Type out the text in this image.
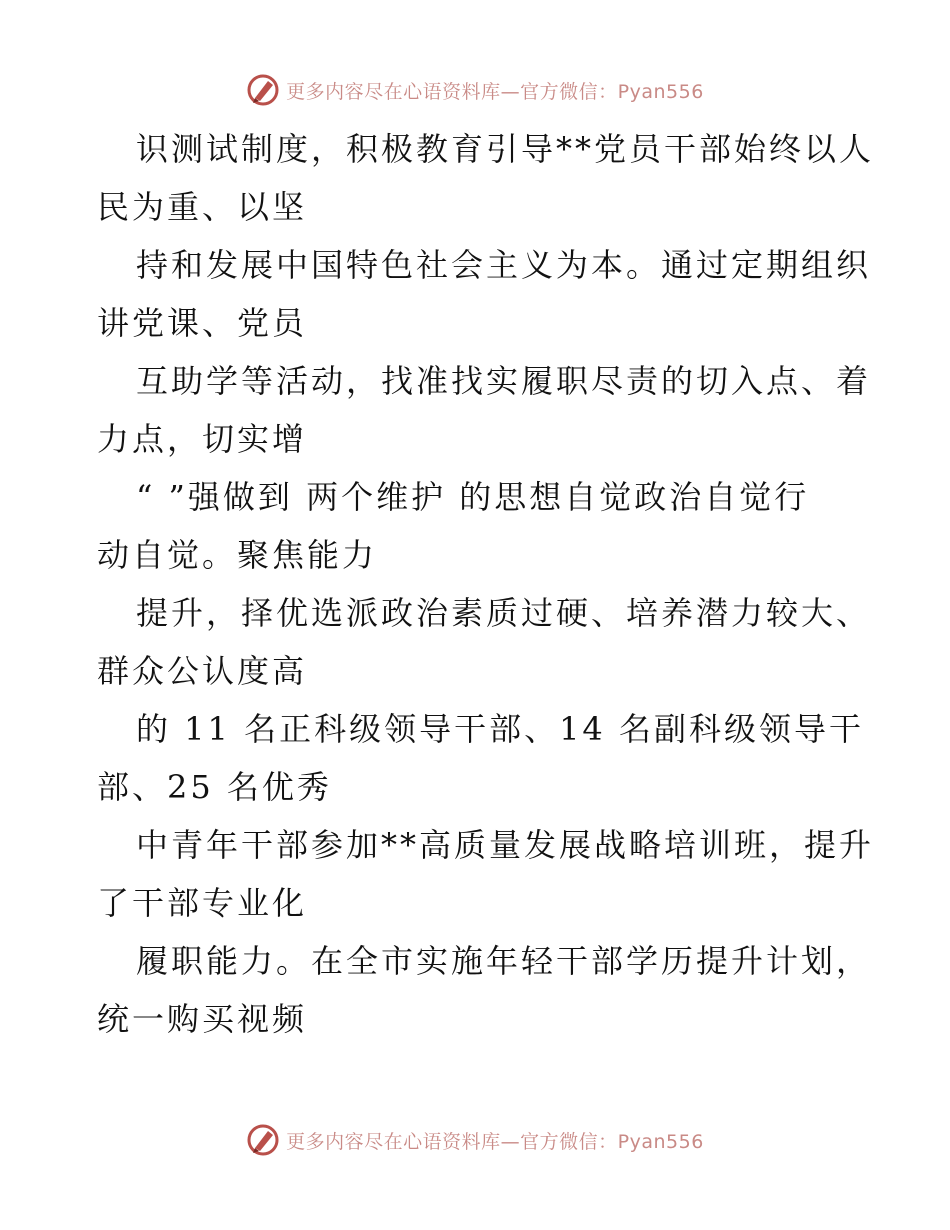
更多内容尽在心语资料库—官方微信：Pyan556

识测试制度，积极教育引导**党员干部始终以人

民为重、以坚

持和发展中国特色社会主义为本。通过定期组织

讲党课、党员

互助学等活动，找准找实履职尽责的切入点、着

力点，切实增

“ ”强做到 两个维护 的思想自觉政治自觉行

动自觉。聚焦能力

提升，择优选派政治素质过硬、培养潜力较大、

群众公认度高

的 11 名正科级领导干部、14 名副科级领导干

部、25 名优秀

中青年干部参加**高质量发展战略培训班，提升

了干部专业化

履职能力。在全市实施年轻干部学历提升计划，

统一购买视频

更多内容尽在心语资料库—官方微信：Pyan556
